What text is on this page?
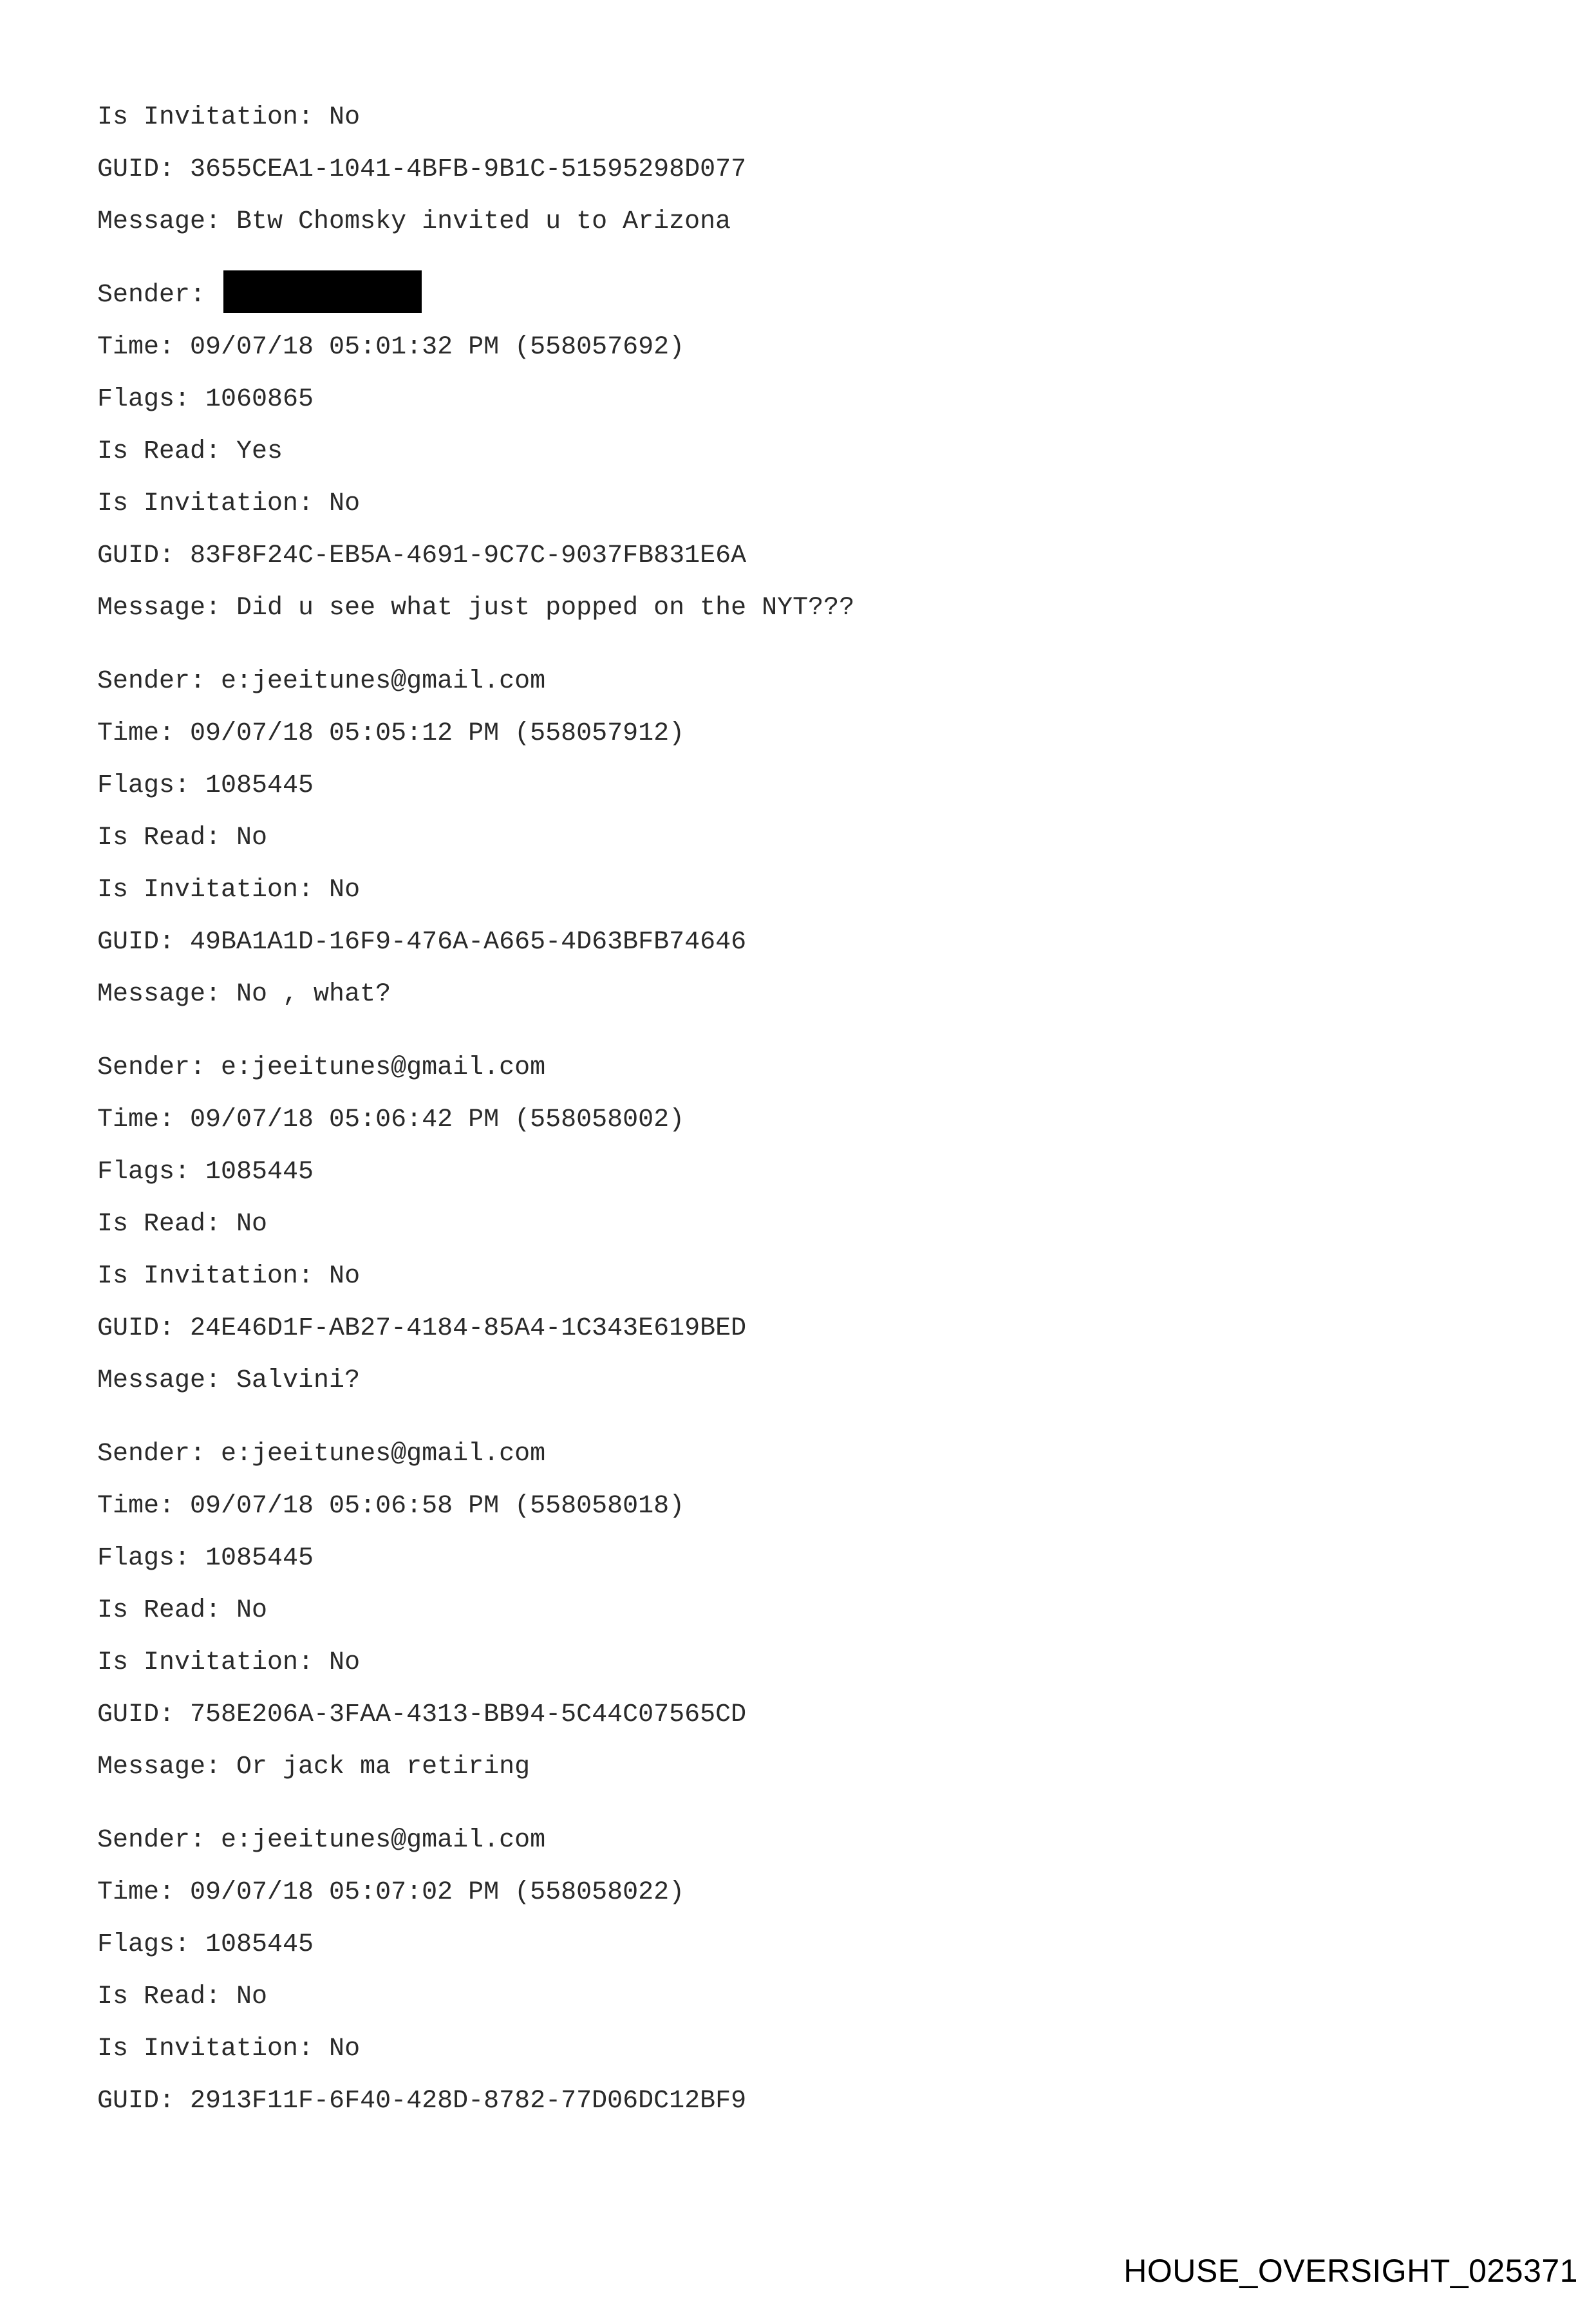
Is Invitation: No
GUID: 3655CEA1-1041-4BFB-9B1C-51595298D077
Message: Btw Chomsky invited u to Arizona
Sender:
Time: 09/07/18 05:01:32 PM (558057692)
Flags: 1060865
Is Read: Yes
Is Invitation: No
GUID: 83F8F24C-EB5A-4691-9C7C-9037FB831E6A
Message: Did u see what just popped on the NYT???
Sender: e:jeeitunes@gmail.com
Time: 09/07/18 05:05:12 PM (558057912)
Flags: 1085445
Is Read: No
Is Invitation: No
GUID: 49BA1A1D-16F9-476A-A665-4D63BFB74646
Message: No , what?
Sender: e:jeeitunes@gmail.com
Time: 09/07/18 05:06:42 PM (558058002)
Flags: 1085445
Is Read: No
Is Invitation: No
GUID: 24E46D1F-AB27-4184-85A4-1C343E619BED
Message: Salvini?
Sender: e:jeeitunes@gmail.com
Time: 09/07/18 05:06:58 PM (558058018)
Flags: 1085445
Is Read: No
Is Invitation: No
GUID: 758E206A-3FAA-4313-BB94-5C44C07565CD
Message: Or jack ma retiring
Sender: e:jeeitunes@gmail.com
Time: 09/07/18 05:07:02 PM (558058022)
Flags: 1085445
Is Read: No
Is Invitation: No
GUID: 2913F11F-6F40-428D-8782-77D06DC12BF9
HOUSE_OVERSIGHT_025371
